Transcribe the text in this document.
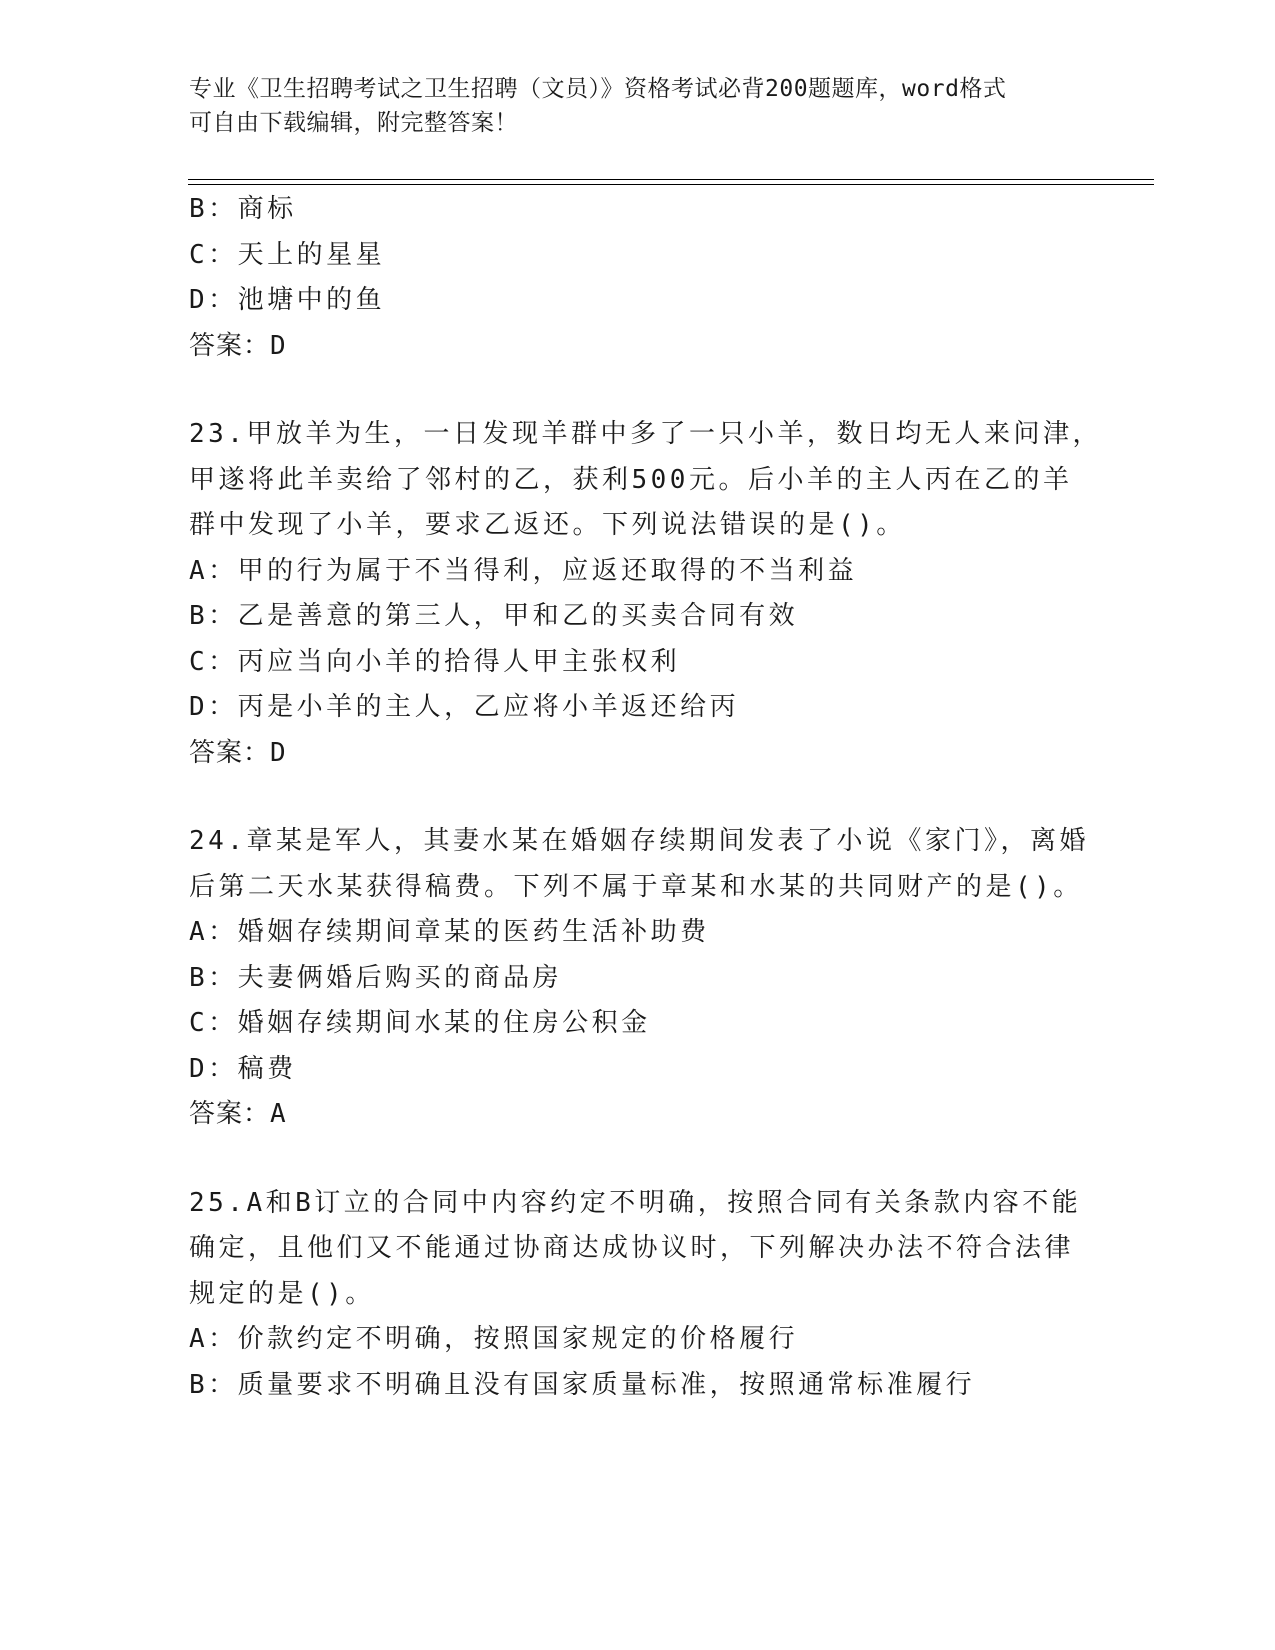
专业《卫生招聘考试之卫生招聘（文员）》资格考试必背200题题库，word格式
可自由下载编辑，附完整答案！
B：商标
C：天上的星星
D：池塘中的鱼
答案：D
23.甲放羊为生，一日发现羊群中多了一只小羊，数日均无人来问津，
甲遂将此羊卖给了邻村的乙，获利500元。后小羊的主人丙在乙的羊
群中发现了小羊，要求乙返还。下列说法错误的是()。
A：甲的行为属于不当得利，应返还取得的不当利益
B：乙是善意的第三人，甲和乙的买卖合同有效
C：丙应当向小羊的拾得人甲主张权利
D：丙是小羊的主人，乙应将小羊返还给丙
答案：D
24.章某是军人，其妻水某在婚姻存续期间发表了小说《家门》，离婚
后第二天水某获得稿费。下列不属于章某和水某的共同财产的是()。
A：婚姻存续期间章某的医药生活补助费
B：夫妻俩婚后购买的商品房
C：婚姻存续期间水某的住房公积金
D：稿费
答案：A
25.A和B订立的合同中内容约定不明确，按照合同有关条款内容不能
确定，且他们又不能通过协商达成协议时，下列解决办法不符合法律
规定的是()。
A：价款约定不明确，按照国家规定的价格履行
B：质量要求不明确且没有国家质量标准，按照通常标准履行
